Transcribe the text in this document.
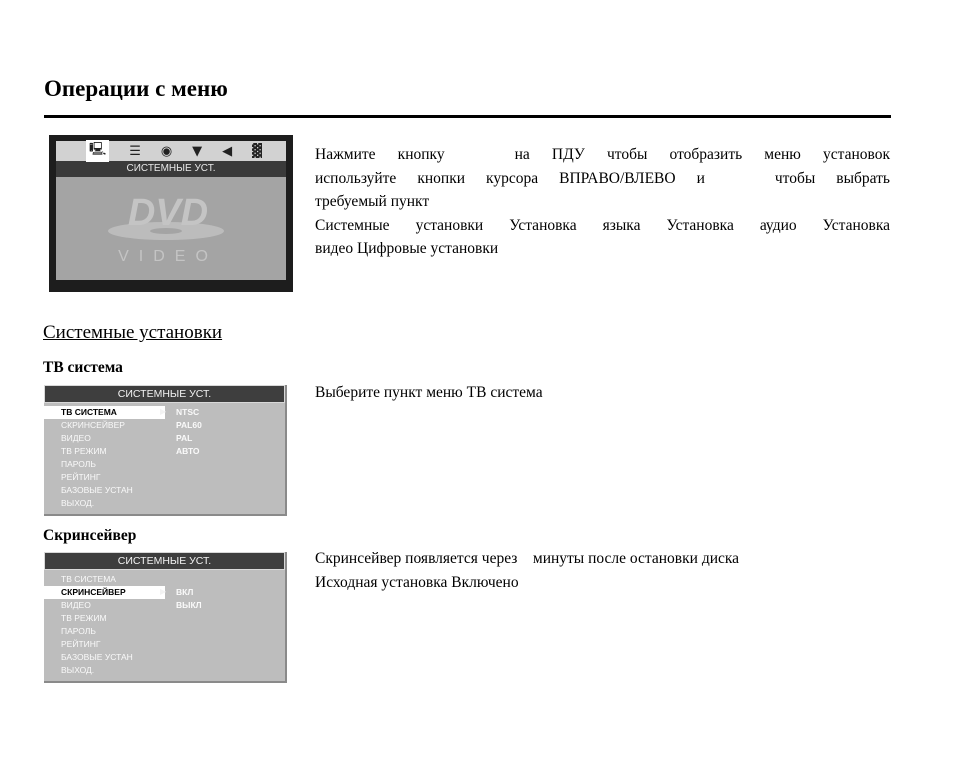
Операции с меню
🖳 ☰ ◉ ▼ ◀ ▓
СИСТЕМНЫЕ УСТ.
DVD
VIDEO
Нажмите кнопку	на ПДУ чтобы отобразить меню установок
используйте кнопки курсора ВПРАВО/ВЛЕВО и	чтобы выбрать
требуемый пункт
Системные установки Установка языка Установка аудио Установка
видео Цифровые установки
Системные установки
ТВ система
СИСТЕМНЫЕ УСТ.
ТВ СИСТЕМА
СКРИНСЕЙВЕР
ВИДЕО
ТВ РЕЖИМ
ПАРОЛЬ
РЕЙТИНГ
БАЗОВЫЕ УСТАН
ВЫХОД.
▶ NTSC
PAL60
PAL
АВТО
Выберите пункт меню ТВ система
Скринсейвер
СИСТЕМНЫЕ УСТ.
ТВ СИСТЕМА
СКРИНСЕЙВЕР
ВИДЕО
ТВ РЕЖИМ
ПАРОЛЬ
РЕЙТИНГ
БАЗОВЫЕ УСТАН
ВЫХОД.
▶ ВКЛ
ВЫКЛ
Скринсейвер появляется через    минуты после остановки диска
Исходная установка Включено
